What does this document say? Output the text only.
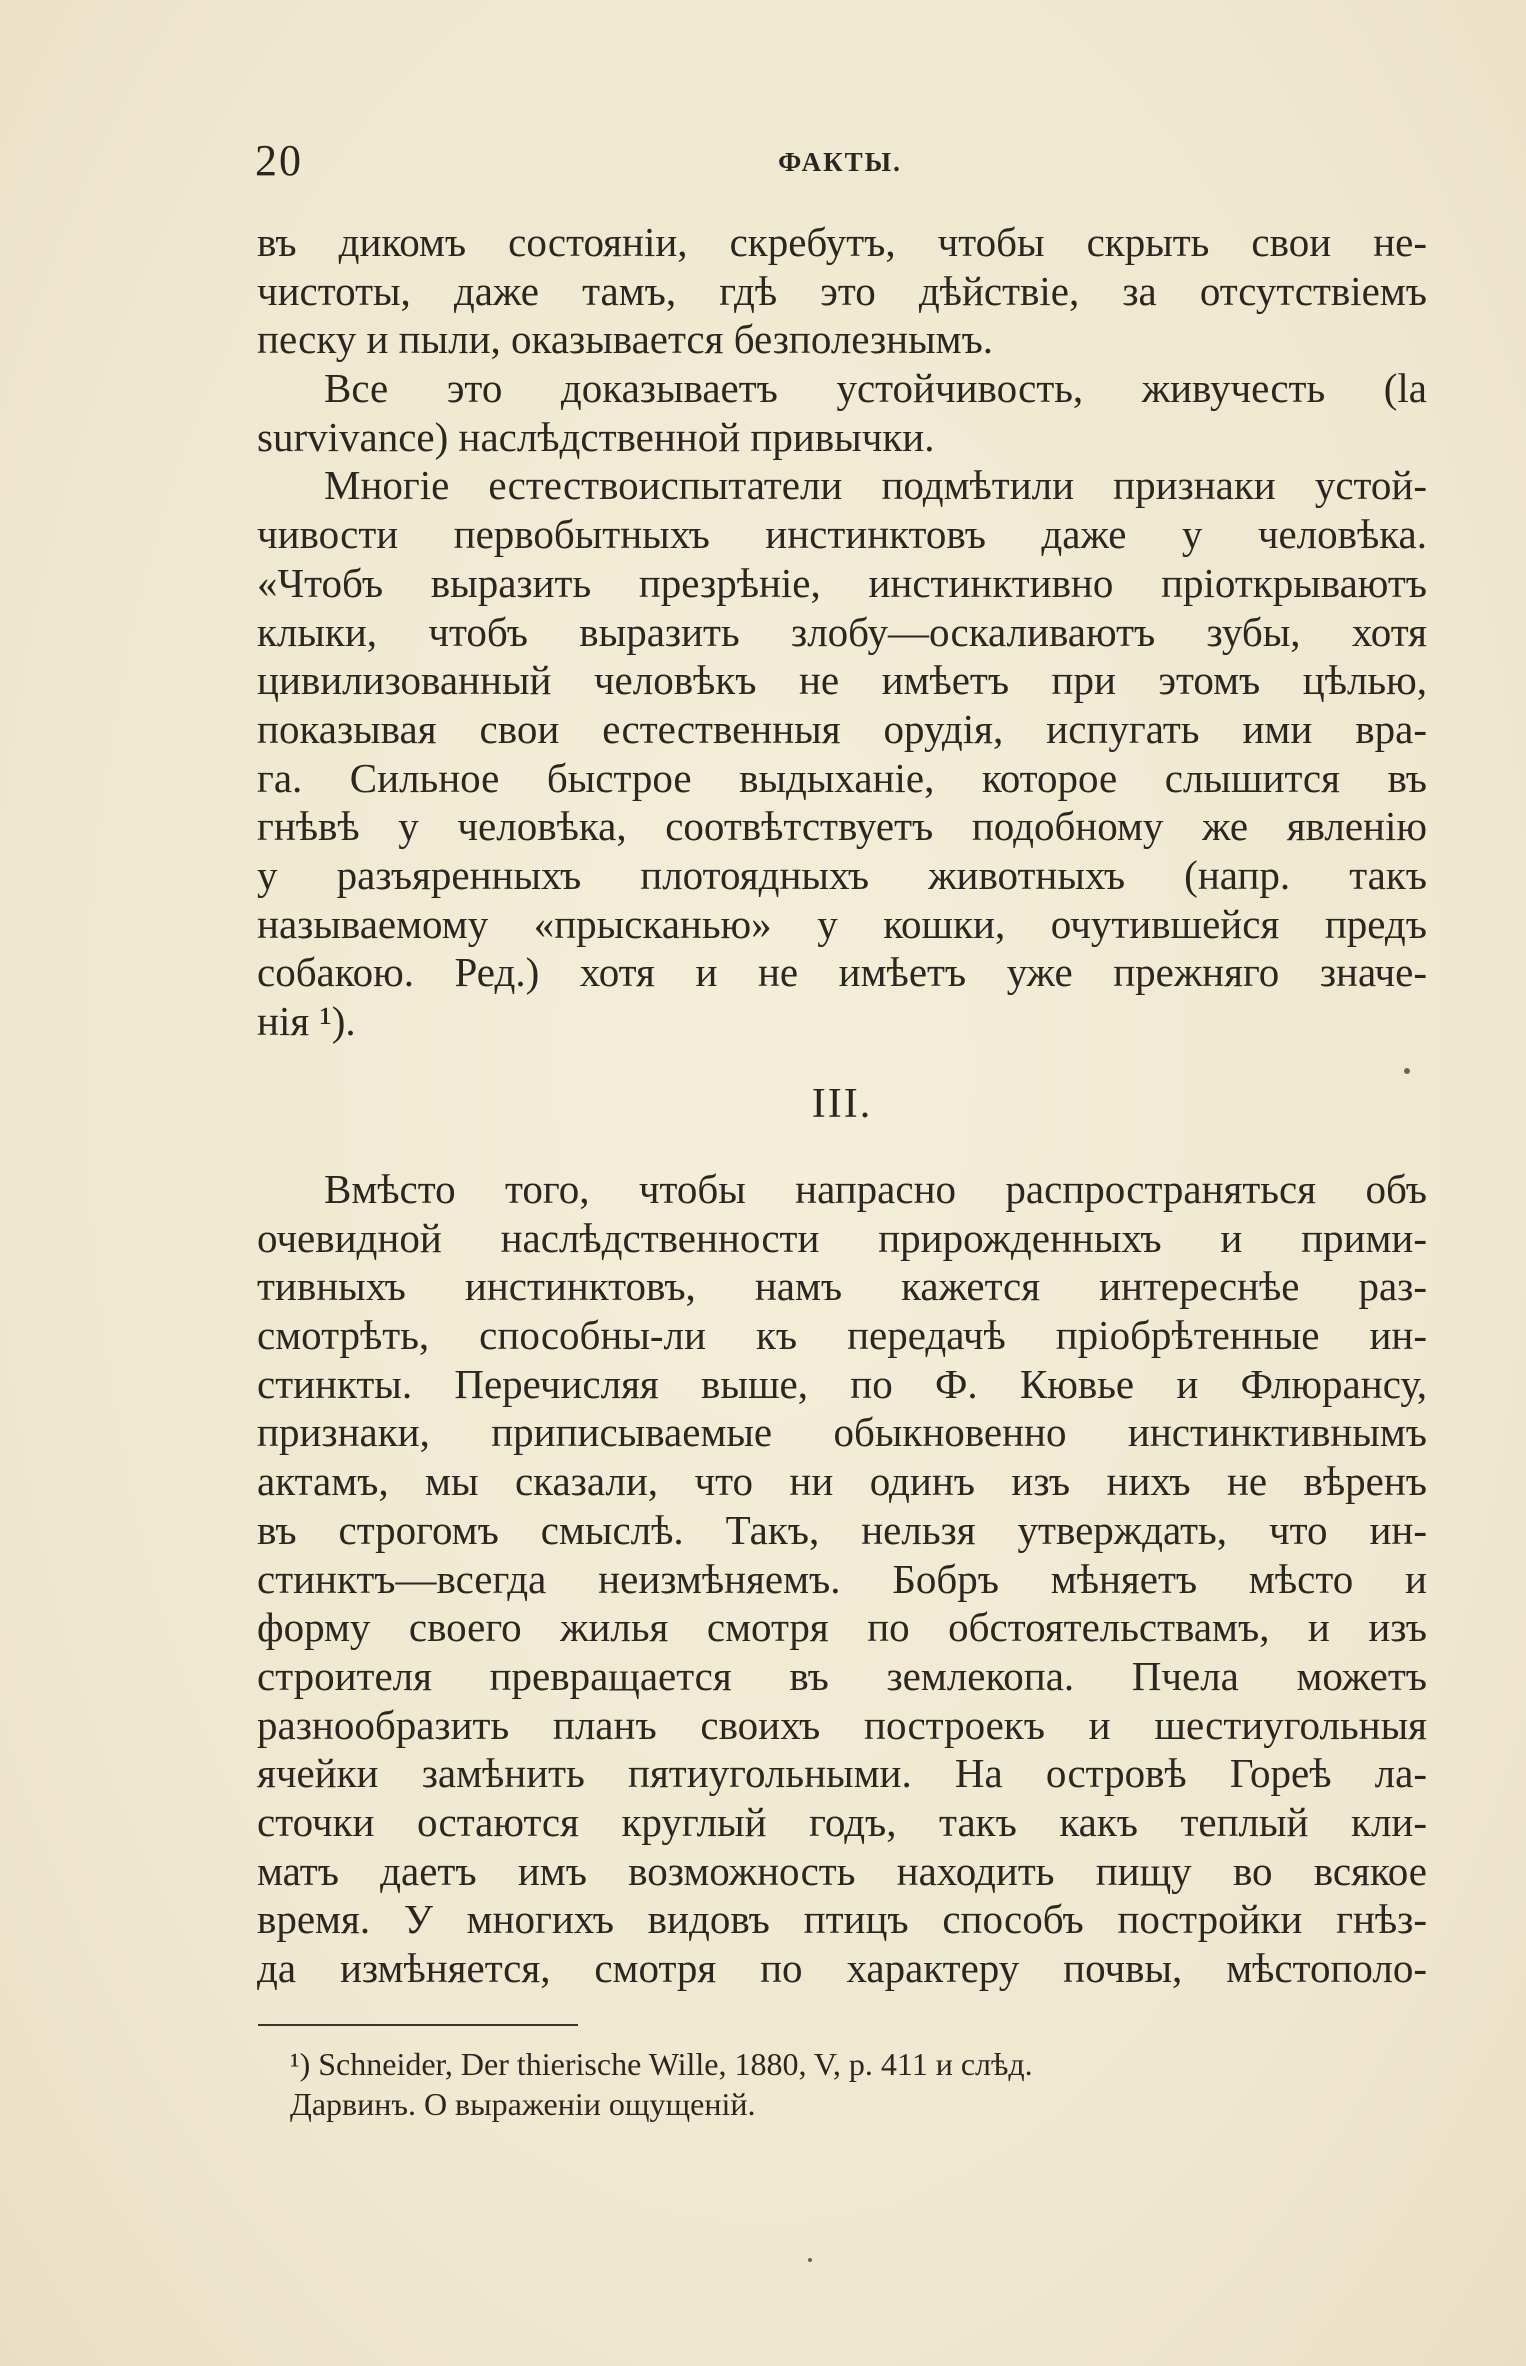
20	ФАКТЫ.
въ дикомъ состояніи, скребутъ, чтобы скрыть свои не-
чистоты, даже тамъ, гдѣ это дѣйствіе, за отсутствіемъ
песку и пыли, оказывается безполезнымъ.
Все это доказываетъ устойчивость, живучесть (la
survivance) наслѣдственной привычки.
Многіе естествоиспытатели подмѣтили признаки устой-
чивости первобытныхъ инстинктовъ даже у человѣка.
«Чтобъ выразить презрѣніе, инстинктивно пріоткрываютъ
клыки, чтобъ выразить злобу—оскаливаютъ зубы, хотя
цивилизованный человѣкъ не имѣетъ при этомъ цѣлью,
показывая свои естественныя орудія, испугать ими вра-
га. Сильное быстрое выдыханіе, которое слышится въ
гнѣвѣ у человѣка, соотвѣтствуетъ подобному же явленію
у разъяренныхъ плотоядныхъ животныхъ (напр. такъ
называемому «прысканью» у кошки, очутившейся предъ
собакою. Ред.) хотя и не имѣетъ уже прежняго значе-
нія ¹).
III.
Вмѣсто того, чтобы напрасно распространяться объ
очевидной наслѣдственности прирожденныхъ и прими-
тивныхъ инстинктовъ, намъ кажется интереснѣе раз-
смотрѣть, способны-ли къ передачѣ пріобрѣтенные ин-
стинкты. Перечисляя выше, по Ф. Кювье и Флюрансу,
признаки, приписываемые обыкновенно инстинктивнымъ
актамъ, мы сказали, что ни одинъ изъ нихъ не вѣренъ
въ строгомъ смыслѣ. Такъ, нельзя утверждать, что ин-
стинктъ—всегда неизмѣняемъ. Бобръ мѣняетъ мѣсто и
форму своего жилья смотря по обстоятельствамъ, и изъ
строителя превращается въ землекопа. Пчела можетъ
разнообразить планъ своихъ построекъ и шестиугольныя
ячейки замѣнить пятиугольными. На островѣ Гореѣ ла-
сточки остаются круглый годъ, такъ какъ теплый кли-
матъ даетъ имъ возможность находить пищу во всякое
время. У многихъ видовъ птицъ способъ постройки гнѣз-
да измѣняется, смотря по характеру почвы, мѣстополо-
¹) Schneider, Der thierische Wille, 1880, V, p. 411 и слѣд.
Дарвинъ. О выраженіи ощущеній.
